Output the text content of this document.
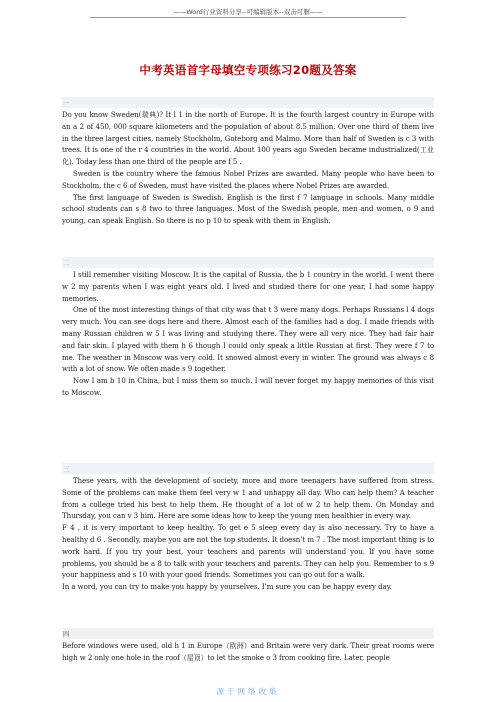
——Word行业资料分享--可编辑版本--双击可删——
中考英语首字母填空专项练习20题及答案
一

Do you know Sweden(瑞典)? It l 1 in the north of Europe. It is the fourth largest country in Europe with an a 2 of 450, 000 square kilometers and the population of about 8.5 million. Over one third of them live in the three largest cities, namely Stockholm, Goteborg and Malmo. More than half of Sweden is c 3 with trees. It is one of the r 4 countries in the world. About 100 years ago Sweden became industrialized(工业化). Today less than one third of the people are f 5 .

Sweden is the country where the famous Nobel Prizes are awarded. Many people who have been to Stockholm, the c 6 of Sweden, must have visited the places where Nobel Prizes are awarded.

The first language of Sweden is Swedish. English is the first f 7 language in schools. Many middle school students can s 8 two to three languages. Most of the Swedish people, men and women, o 9 and young, can speak English. So there is no p 10 to speak with them in English.

二

I still remember visiting Moscow. It is the capital of Russia, the b 1 country in the world. I went there w 2 my parents when I was eight years old. I lived and studied there for one year, I had some happy memories.

One of the most interesting things of that city was that t 3 were many dogs. Perhaps Russians l 4 dogs very much. You can see dogs here and there. Almost each of the families had a dog. I made friends with many Russian children w 5 I was living and studying there. They were all very nice. They had fair hair and fair skin. I played with them h 6 though I could only speak a little Russian at first. They were f 7 to me. The weather in Moscow was very cold. It snowed almost every in winter. The ground was always c 8 with a lot of snow. We often made s 9 together.

Now I am b 10 in China, but I miss them so much. I will never forget my happy memories of this visit to Moscow.

三

These years, with the development of society, more and more teenagers have suffered from stress. Some of the problems can make them feel very w 1 and unhappy all day. Who can help them? A teacher from a college tried his best to help them. He thought of a lot of w 2 to help them. On Monday and Thursday, you can v 3 him. Here are some ideas how to keep the young men healthier in every way.

F 4 , it is very important to keep healthy. To get e 5 sleep every day is also necessary. Try to have a healthy d 6 . Secondly, maybe you are not the top students. It doesn’t m 7 . The most important thing is to work hard. If you try your best, your teachers and parents will understand you. If you have some problems, you should be a 8 to talk with your teachers and parents. They can help you. Remember to s 9 your happiness and s 10 with your good friends. Sometimes you can go out for a walk.

In a word, you can try to make you happy by yourselves. I’m sure you can be happy every day.

四

Before windows were used, old h 1 in Europe（欧洲）and Britain were very dark. Their great rooms were high w 2 only one hole in the roof（屋顶）to let the smoke o 3 from cooking fire. Later, people

源于网络收集
